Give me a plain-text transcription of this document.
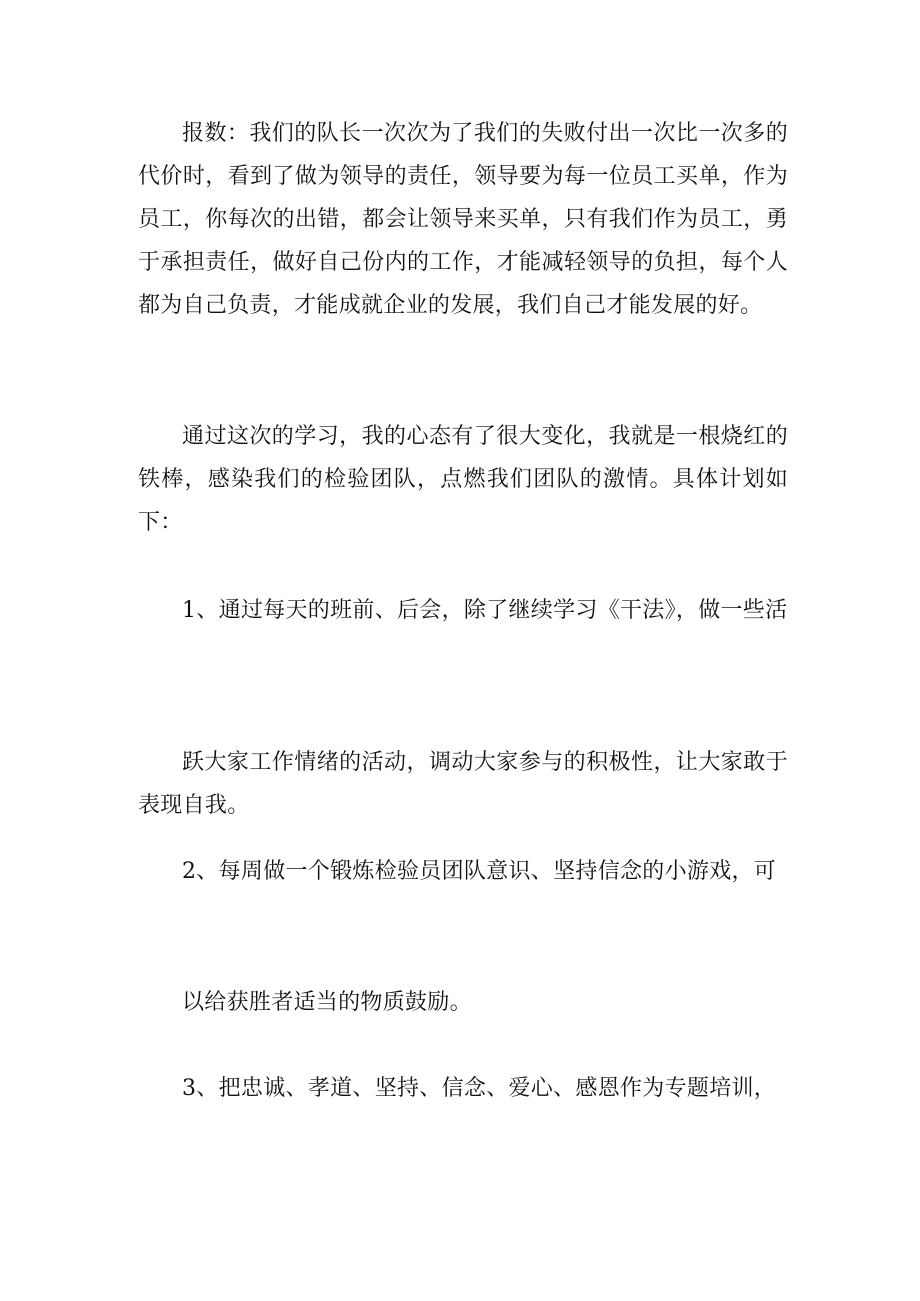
报数：我们的队长一次次为了我们的失败付出一次比一次多的代价时，看到了做为领导的责任，领导要为每一位员工买单，作为员工，你每次的出错，都会让领导来买单，只有我们作为员工，勇于承担责任，做好自己份内的工作，才能减轻领导的负担，每个人都为自己负责，才能成就企业的发展，我们自己才能发展的好。

通过这次的学习，我的心态有了很大变化，我就是一根烧红的铁棒，感染我们的检验团队，点燃我们团队的激情。具体计划如下：

1、通过每天的班前、后会，除了继续学习《干法》，做一些活

跃大家工作情绪的活动，调动大家参与的积极性，让大家敢于表现自我。

2、每周做一个锻炼检验员团队意识、坚持信念的小游戏，可

以给获胜者适当的物质鼓励。

3、把忠诚、孝道、坚持、信念、爱心、感恩作为专题培训，
